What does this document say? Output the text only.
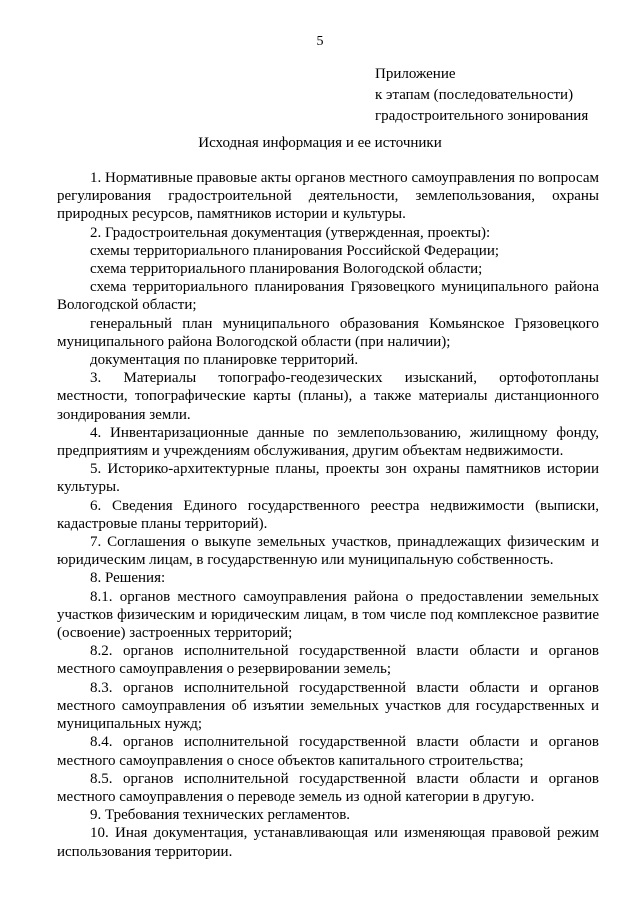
5
Приложение
к этапам (последовательности)
градостроительного зонирования
Исходная информация и ее источники

1. Нормативные правовые акты органов местного самоуправления по вопросам регулирования градостроительной деятельности, землепользования, охраны природных ресурсов, памятников истории и культуры.

2. Градостроительная документация (утвержденная, проекты):

схемы территориального планирования Российской Федерации;

схема территориального планирования Вологодской области;

схема территориального планирования Грязовецкого муниципального района Вологодской области;

генеральный план муниципального образования Комьянское Грязовецкого муниципального района Вологодской области (при наличии);

документация по планировке территорий.

3. Материалы топографо-геодезических изысканий, ортофотопланы местности, топографические карты (планы), а также материалы дистанционного зондирования земли.

4. Инвентаризационные данные по землепользованию, жилищному фонду, предприятиям и учреждениям обслуживания, другим объектам недвижимости.

5. Историко-архитектурные планы, проекты зон охраны памятников истории культуры.

6. Сведения Единого государственного реестра недвижимости (выписки, кадастровые планы территорий).

7. Соглашения о выкупе земельных участков, принадлежащих физическим и юридическим лицам, в государственную или муниципальную собственность.

8. Решения:

8.1. органов местного самоуправления района о предоставлении земельных участков физическим и юридическим лицам, в том числе под комплексное развитие (освоение) застроенных территорий;

8.2. органов исполнительной государственной власти области и органов местного самоуправления о резервировании земель;

8.3. органов исполнительной государственной власти области и органов местного самоуправления об изъятии земельных участков для государственных и муниципальных нужд;

8.4. органов исполнительной государственной власти области и органов местного самоуправления о сносе объектов капитального строительства;

8.5. органов исполнительной государственной власти области и органов местного самоуправления о переводе земель из одной категории в другую.

9. Требования технических регламентов.

10. Иная документация, устанавливающая или изменяющая правовой режим использования территории.
